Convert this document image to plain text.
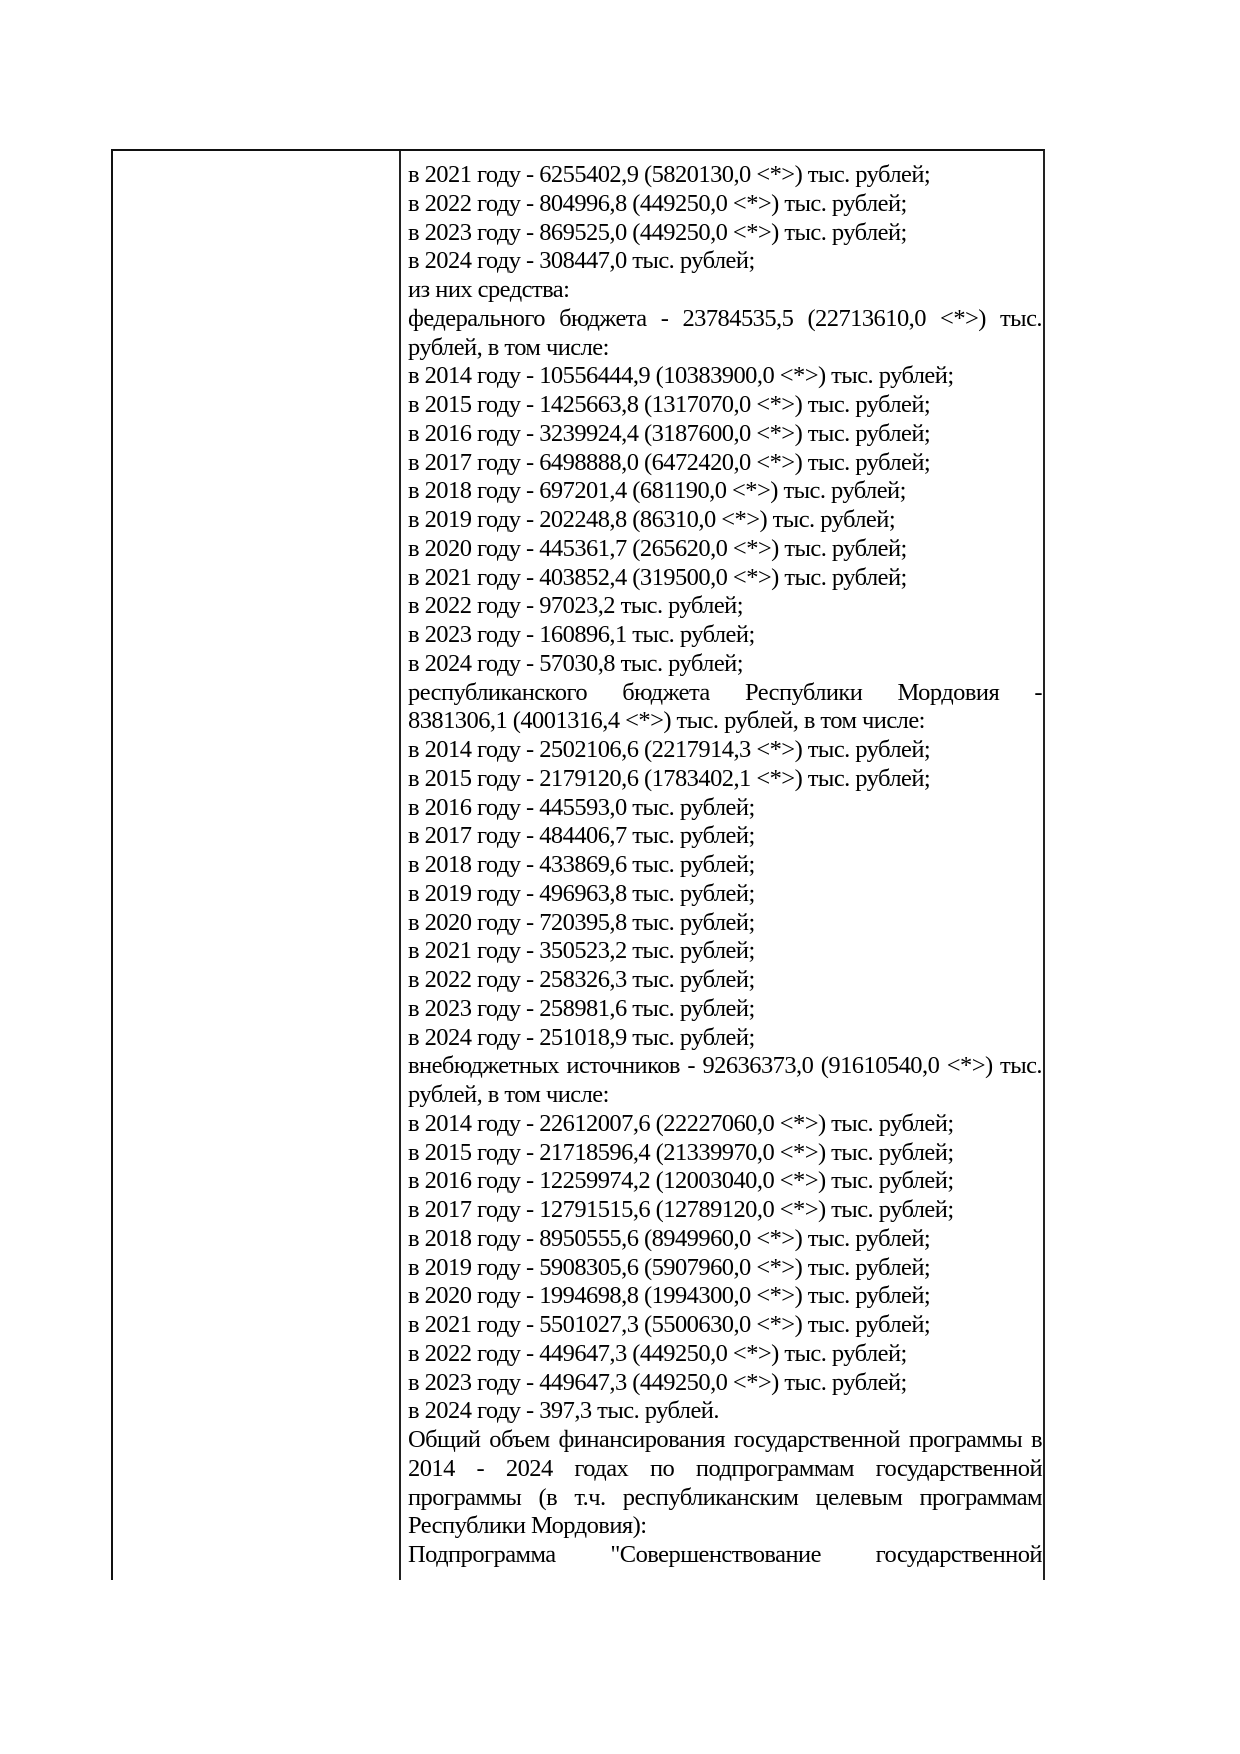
в 2021 году - 6255402,9 (5820130,0 <*>) тыс. рублей;
в 2022 году - 804996,8 (449250,0 <*>) тыс. рублей;
в 2023 году - 869525,0 (449250,0 <*>) тыс. рублей;
в 2024 году - 308447,0 тыс. рублей;
из них средства:
федерального бюджета - 23784535,5 (22713610,0 <*>) тыс. рублей, в том числе:
в 2014 году - 10556444,9 (10383900,0 <*>) тыс. рублей;
в 2015 году - 1425663,8 (1317070,0 <*>) тыс. рублей;
в 2016 году - 3239924,4 (3187600,0 <*>) тыс. рублей;
в 2017 году - 6498888,0 (6472420,0 <*>) тыс. рублей;
в 2018 году - 697201,4 (681190,0 <*>) тыс. рублей;
в 2019 году - 202248,8 (86310,0 <*>) тыс. рублей;
в 2020 году - 445361,7 (265620,0 <*>) тыс. рублей;
в 2021 году - 403852,4 (319500,0 <*>) тыс. рублей;
в 2022 году - 97023,2 тыс. рублей;
в 2023 году - 160896,1 тыс. рублей;
в 2024 году - 57030,8 тыс. рублей;
республиканского бюджета Республики Мордовия -
8381306,1 (4001316,4 <*>) тыс. рублей, в том числе:
в 2014 году - 2502106,6 (2217914,3 <*>) тыс. рублей;
в 2015 году - 2179120,6 (1783402,1 <*>) тыс. рублей;
в 2016 году - 445593,0 тыс. рублей;
в 2017 году - 484406,7 тыс. рублей;
в 2018 году - 433869,6 тыс. рублей;
в 2019 году - 496963,8 тыс. рублей;
в 2020 году - 720395,8 тыс. рублей;
в 2021 году - 350523,2 тыс. рублей;
в 2022 году - 258326,3 тыс. рублей;
в 2023 году - 258981,6 тыс. рублей;
в 2024 году - 251018,9 тыс. рублей;
внебюджетных источников - 92636373,0 (91610540,0 <*>) тыс. рублей, в том числе:
в 2014 году - 22612007,6 (22227060,0 <*>) тыс. рублей;
в 2015 году - 21718596,4 (21339970,0 <*>) тыс. рублей;
в 2016 году - 12259974,2 (12003040,0 <*>) тыс. рублей;
в 2017 году - 12791515,6 (12789120,0 <*>) тыс. рублей;
в 2018 году - 8950555,6 (8949960,0 <*>) тыс. рублей;
в 2019 году - 5908305,6 (5907960,0 <*>) тыс. рублей;
в 2020 году - 1994698,8 (1994300,0 <*>) тыс. рублей;
в 2021 году - 5501027,3 (5500630,0 <*>) тыс. рублей;
в 2022 году - 449647,3 (449250,0 <*>) тыс. рублей;
в 2023 году - 449647,3 (449250,0 <*>) тыс. рублей;
в 2024 году - 397,3 тыс. рублей.
Общий объем финансирования государственной программы в 2014 - 2024 годах по подпрограммам государственной программы (в т.ч. республиканским целевым программам Республики Мордовия):
Подпрограмма "Совершенствование государственной
